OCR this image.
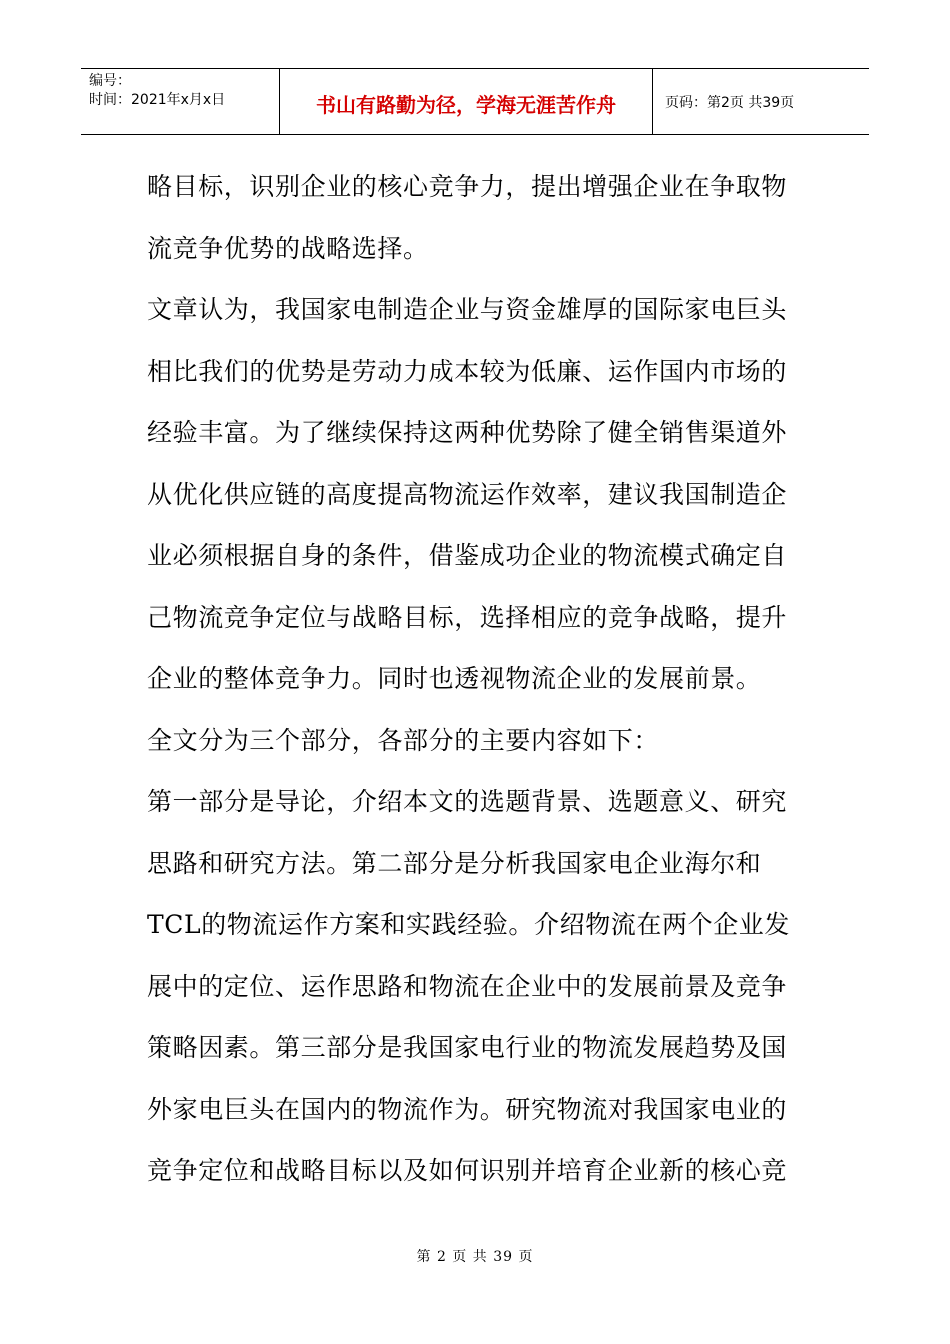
编号：
时间：2021年x月x日	书山有路勤为径，学海无涯苦作舟	页码：第2页 共39页

略目标，识别企业的核心竞争力，提出增强企业在争取物

流竞争优势的战略选择。

文章认为，我国家电制造企业与资金雄厚的国际家电巨头

相比我们的优势是劳动力成本较为低廉、运作国内市场的

经验丰富。为了继续保持这两种优势除了健全销售渠道外

从优化供应链的高度提高物流运作效率，建议我国制造企

业必须根据自身的条件，借鉴成功企业的物流模式确定自

己物流竞争定位与战略目标，选择相应的竞争战略，提升

企业的整体竞争力。同时也透视物流企业的发展前景。

全文分为三个部分，各部分的主要内容如下：

第一部分是导论，介绍本文的选题背景、选题意义、研究

思路和研究方法。第二部分是分析我国家电企业海尔和

TCL的物流运作方案和实践经验。介绍物流在两个企业发

展中的定位、运作思路和物流在企业中的发展前景及竞争

策略因素。第三部分是我国家电行业的物流发展趋势及国

外家电巨头在国内的物流作为。研究物流对我国家电业的

竞争定位和战略目标以及如何识别并培育企业新的核心竞

第 2 页 共 39 页
